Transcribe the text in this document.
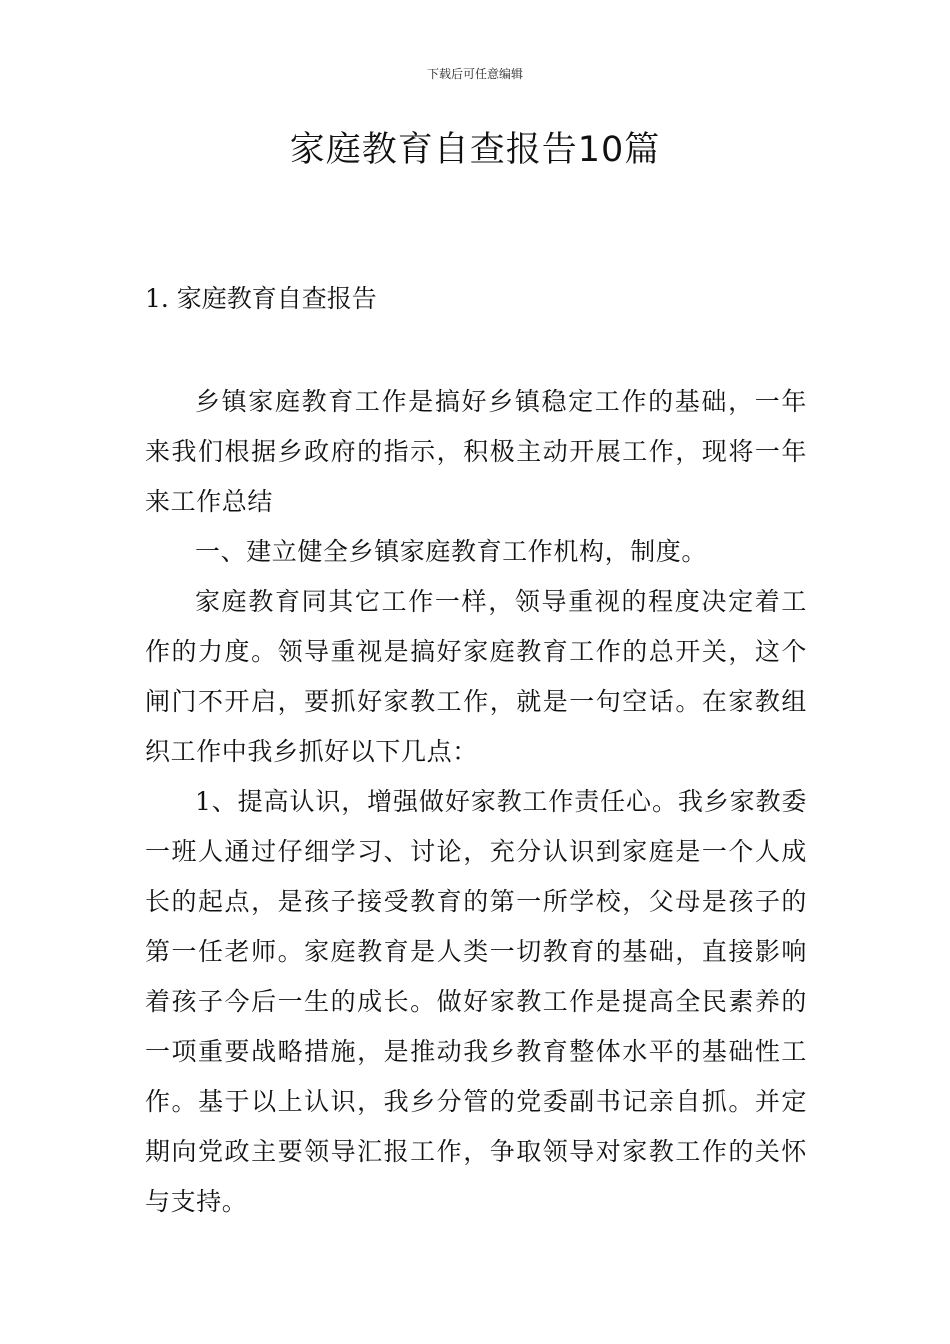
下载后可任意编辑
家庭教育自查报告10篇
1. 家庭教育自查报告

乡镇家庭教育工作是搞好乡镇稳定工作的基础，一年来我们根据乡政府的指示，积极主动开展工作，现将一年来工作总结

一、建立健全乡镇家庭教育工作机构，制度。

家庭教育同其它工作一样，领导重视的程度决定着工作的力度。领导重视是搞好家庭教育工作的总开关，这个闸门不开启，要抓好家教工作，就是一句空话。在家教组织工作中我乡抓好以下几点：

1、提高认识，增强做好家教工作责任心。我乡家教委一班人通过仔细学习、讨论，充分认识到家庭是一个人成长的起点，是孩子接受教育的第一所学校，父母是孩子的第一任老师。家庭教育是人类一切教育的基础，直接影响着孩子今后一生的成长。做好家教工作是提高全民素养的一项重要战略措施，是推动我乡教育整体水平的基础性工作。基于以上认识，我乡分管的党委副书记亲自抓。并定期向党政主要领导汇报工作，争取领导对家教工作的关怀与支持。
